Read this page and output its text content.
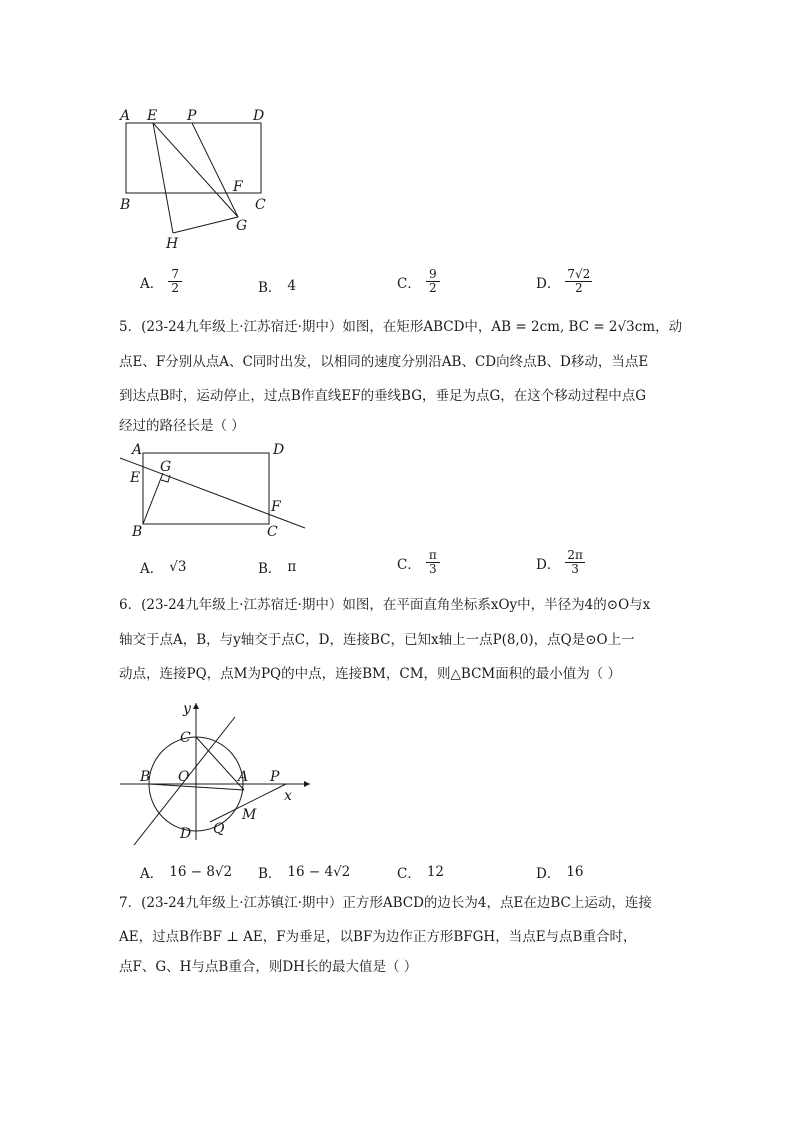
A E P	D
F
B	C
G
H
A． $\frac{7}{2}$	B． 4	C． $\frac{9}{2}$	D． $\frac{7√2}{2}$
5．(23-24九年级上·江苏宿迁·期中）如图，在矩形ABCD中，AB = 2cm, BC = 2√3cm，动
点E、F分别从点A、C同时出发，以相同的速度分别沿AB、CD向终点B、D移动，当点E
到达点B时，运动停止，过点B作直线EF的垂线BG，垂足为点G，在这个移动过程中点G
经过的路径长是（ ）
A	D
G
E
F
B	C
A． √3	B． π	C． $\frac{\pi}{3}$	D． $\frac{2\pi}{3}$
6．(23-24九年级上·江苏宿迁·期中）如图，在平面直角坐标系xOy中，半径为4的⊙O与x
轴交于点A，B，与y轴交于点C，D，连接BC，已知x轴上一点P(8,0)，点Q是⊙O上一
动点，连接PQ，点M为PQ的中点，连接BM，CM，则△BCM面积的最小值为（ ）
y
C
B O	A P
x
M
Q
D
A． 16 − 8√2 B． 16 − 4√2	C． 12	D． 16
7．(23-24九年级上·江苏镇江·期中）正方形ABCD的边长为4，点E在边BC上运动，连接
AE，过点B作BF ⊥ AE，F为垂足，以BF为边作正方形BFGH，当点E与点B重合时，
点F、G、H与点B重合，则DH长的最大值是（ ）
